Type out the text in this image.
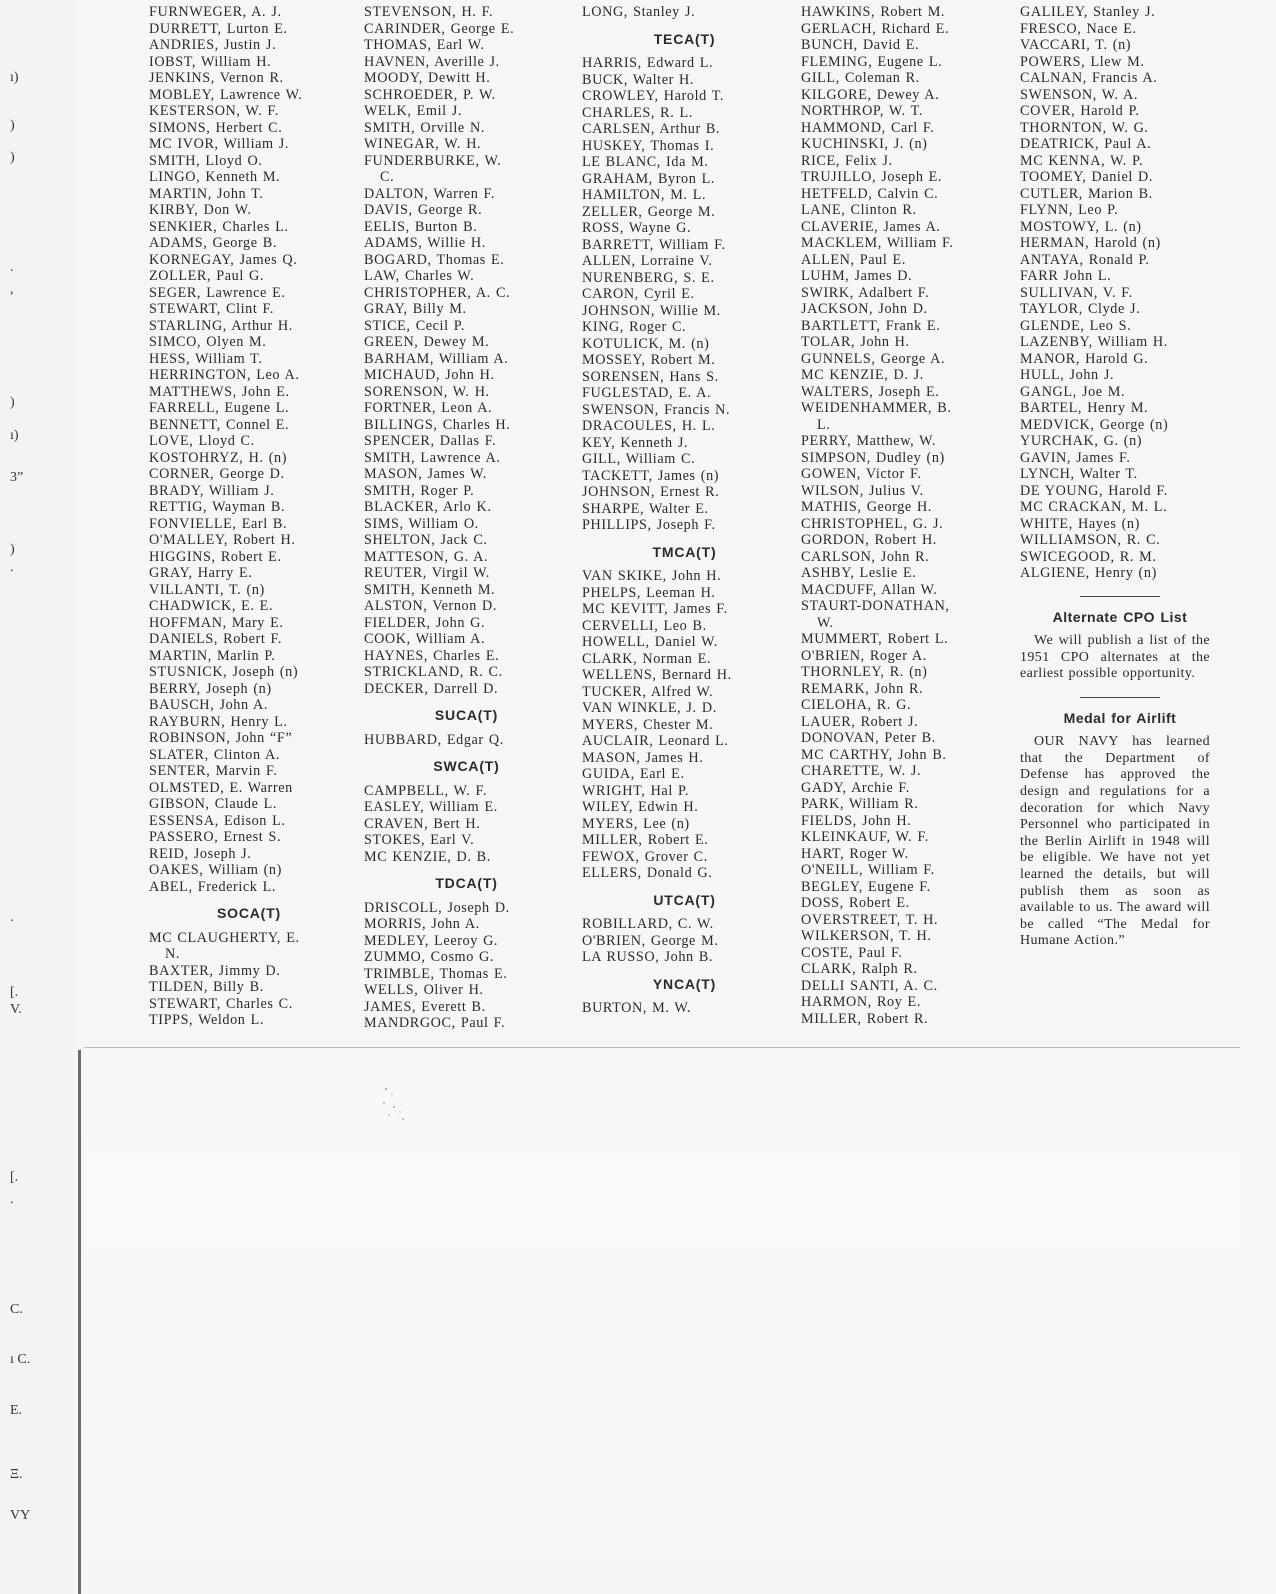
ı)
)
)
.
,
)
ı)
3”
)
.
.
[.
V.
[.
.
C.
ı C.
E.
Ξ.
VY
FURNWEGER, A. J.
DURRETT, Lurton E.
ANDRIES, Justin J.
IOBST, William H.
JENKINS, Vernon R.
MOBLEY, Lawrence W.
KESTERSON, W. F.
SIMONS, Herbert C.
MC IVOR, William J.
SMITH, Lloyd O.
LINGO, Kenneth M.
MARTIN, John T.
KIRBY, Don W.
SENKIER, Charles L.
ADAMS, George B.
KORNEGAY, James Q.
ZOLLER, Paul G.
SEGER, Lawrence E.
STEWART, Clint F.
STARLING, Arthur H.
SIMCO, Olyen M.
HESS, William T.
HERRINGTON, Leo A.
MATTHEWS, John E.
FARRELL, Eugene L.
BENNETT, Connel E.
LOVE, Lloyd C.
KOSTOHRYZ, H. (n)
CORNER, George D.
BRADY, William J.
RETTIG, Wayman B.
FONVIELLE, Earl B.
O'MALLEY, Robert H.
HIGGINS, Robert E.
GRAY, Harry E.
VILLANTI, T. (n)
CHADWICK, E. E.
HOFFMAN, Mary E.
DANIELS, Robert F.
MARTIN, Marlin P.
STUSNICK, Joseph (n)
BERRY, Joseph (n)
BAUSCH, John A.
RAYBURN, Henry L.
ROBINSON, John “F”
SLATER, Clinton A.
SENTER, Marvin F.
OLMSTED, E. Warren
GIBSON, Claude L.
ESSENSA, Edison L.
PASSERO, Ernest S.
REID, Joseph J.
OAKES, William (n)
ABEL, Frederick L.
SOCA(T)
MC CLAUGHERTY, E.
N.
BAXTER, Jimmy D.
TILDEN, Billy B.
STEWART, Charles C.
TIPPS, Weldon L.
STEVENSON, H. F.
CARINDER, George E.
THOMAS, Earl W.
HAVNEN, Averille J.
MOODY, Dewitt H.
SCHROEDER, P. W.
WELK, Emil J.
SMITH, Orville N.
WINEGAR, W. H.
FUNDERBURKE, W.
C.
DALTON, Warren F.
DAVIS, George R.
EELIS, Burton B.
ADAMS, Willie H.
BOGARD, Thomas E.
LAW, Charles W.
CHRISTOPHER, A. C.
GRAY, Billy M.
STICE, Cecil P.
GREEN, Dewey M.
BARHAM, William A.
MICHAUD, John H.
SORENSON, W. H.
FORTNER, Leon A.
BILLINGS, Charles H.
SPENCER, Dallas F.
SMITH, Lawrence A.
MASON, James W.
SMITH, Roger P.
BLACKER, Arlo K.
SIMS, William O.
SHELTON, Jack C.
MATTESON, G. A.
REUTER, Virgil W.
SMITH, Kenneth M.
ALSTON, Vernon D.
FIELDER, John G.
COOK, William A.
HAYNES, Charles E.
STRICKLAND, R. C.
DECKER, Darrell D.
SUCA(T)
HUBBARD, Edgar Q.
SWCA(T)
CAMPBELL, W. F.
EASLEY, William E.
CRAVEN, Bert H.
STOKES, Earl V.
MC KENZIE, D. B.
TDCA(T)
DRISCOLL, Joseph D.
MORRIS, John A.
MEDLEY, Leeroy G.
ZUMMO, Cosmo G.
TRIMBLE, Thomas E.
WELLS, Oliver H.
JAMES, Everett B.
MANDRGOC, Paul F.
LONG, Stanley J.
TECA(T)
HARRIS, Edward L.
BUCK, Walter H.
CROWLEY, Harold T.
CHARLES, R. L.
CARLSEN, Arthur B.
HUSKEY, Thomas I.
LE BLANC, Ida M.
GRAHAM, Byron L.
HAMILTON, M. L.
ZELLER, George M.
ROSS, Wayne G.
BARRETT, William F.
ALLEN, Lorraine V.
NURENBERG, S. E.
CARON, Cyril E.
JOHNSON, Willie M.
KING, Roger C.
KOTULICK, M. (n)
MOSSEY, Robert M.
SORENSEN, Hans S.
FUGLESTAD, E. A.
SWENSON, Francis N.
DRACOULES, H. L.
KEY, Kenneth J.
GILL, William C.
TACKETT, James (n)
JOHNSON, Ernest R.
SHARPE, Walter E.
PHILLIPS, Joseph F.
TMCA(T)
VAN SKIKE, John H.
PHELPS, Leeman H.
MC KEVITT, James F.
CERVELLI, Leo B.
HOWELL, Daniel W.
CLARK, Norman E.
WELLENS, Bernard H.
TUCKER, Alfred W.
VAN WINKLE, J. D.
MYERS, Chester M.
AUCLAIR, Leonard L.
MASON, James H.
GUIDA, Earl E.
WRIGHT, Hal P.
WILEY, Edwin H.
MYERS, Lee (n)
MILLER, Robert E.
FEWOX, Grover C.
ELLERS, Donald G.
UTCA(T)
ROBILLARD, C. W.
O'BRIEN, George M.
LA RUSSO, John B.
YNCA(T)
BURTON, M. W.
HAWKINS, Robert M.
GERLACH, Richard E.
BUNCH, David E.
FLEMING, Eugene L.
GILL, Coleman R.
KILGORE, Dewey A.
NORTHROP, W. T.
HAMMOND, Carl F.
KUCHINSKI, J. (n)
RICE, Felix J.
TRUJILLO, Joseph E.
HETFELD, Calvin C.
LANE, Clinton R.
CLAVERIE, James A.
MACKLEM, William F.
ALLEN, Paul E.
LUHM, James D.
SWIRK, Adalbert F.
JACKSON, John D.
BARTLETT, Frank E.
TOLAR, John H.
GUNNELS, George A.
MC KENZIE, D. J.
WALTERS, Joseph E.
WEIDENHAMMER, B.
L.
PERRY, Matthew, W.
SIMPSON, Dudley (n)
GOWEN, Victor F.
WILSON, Julius V.
MATHIS, George H.
CHRISTOPHEL, G. J.
GORDON, Robert H.
CARLSON, John R.
ASHBY, Leslie E.
MACDUFF, Allan W.
STAURT-DONATHAN,
W.
MUMMERT, Robert L.
O'BRIEN, Roger A.
THORNLEY, R. (n)
REMARK, John R.
CIELOHA, R. G.
LAUER, Robert J.
DONOVAN, Peter B.
MC CARTHY, John B.
CHARETTE, W. J.
GADY, Archie F.
PARK, William R.
FIELDS, John H.
KLEINKAUF, W. F.
HART, Roger W.
O'NEILL, William F.
BEGLEY, Eugene F.
DOSS, Robert E.
OVERSTREET, T. H.
WILKERSON, T. H.
COSTE, Paul F.
CLARK, Ralph R.
DELLI SANTI, A. C.
HARMON, Roy E.
MILLER, Robert R.
GALILEY, Stanley J.
FRESCO, Nace E.
VACCARI, T. (n)
POWERS, Llew M.
CALNAN, Francis A.
SWENSON, W. A.
COVER, Harold P.
THORNTON, W. G.
DEATRICK, Paul A.
MC KENNA, W. P.
TOOMEY, Daniel D.
CUTLER, Marion B.
FLYNN, Leo P.
MOSTOWY, L. (n)
HERMAN, Harold (n)
ANTAYA, Ronald P.
FARR John L.
SULLIVAN, V. F.
TAYLOR, Clyde J.
GLENDE, Leo S.
LAZENBY, William H.
MANOR, Harold G.
HULL, John J.
GANGL, Joe M.
BARTEL, Henry M.
MEDVICK, George (n)
YURCHAK, G. (n)
GAVIN, James F.
LYNCH, Walter T.
DE YOUNG, Harold F.
MC CRACKAN, M. L.
WHITE, Hayes (n)
WILLIAMSON, R. C.
SWICEGOOD, R. M.
ALGIENE, Henry (n)
Alternate CPO List
We will publish a list of the 1951 CPO alternates at the earliest possible opportunity.
Medal for Airlift
OUR NAVY has learned that the Department of Defense has approved the design and regulations for a decoration for which Navy Personnel who participated in the Berlin Airlift in 1948 will be eligible. We have not yet learned the details, but will publish them as soon as available to us. The award will be called “The Medal for Humane Action.”
